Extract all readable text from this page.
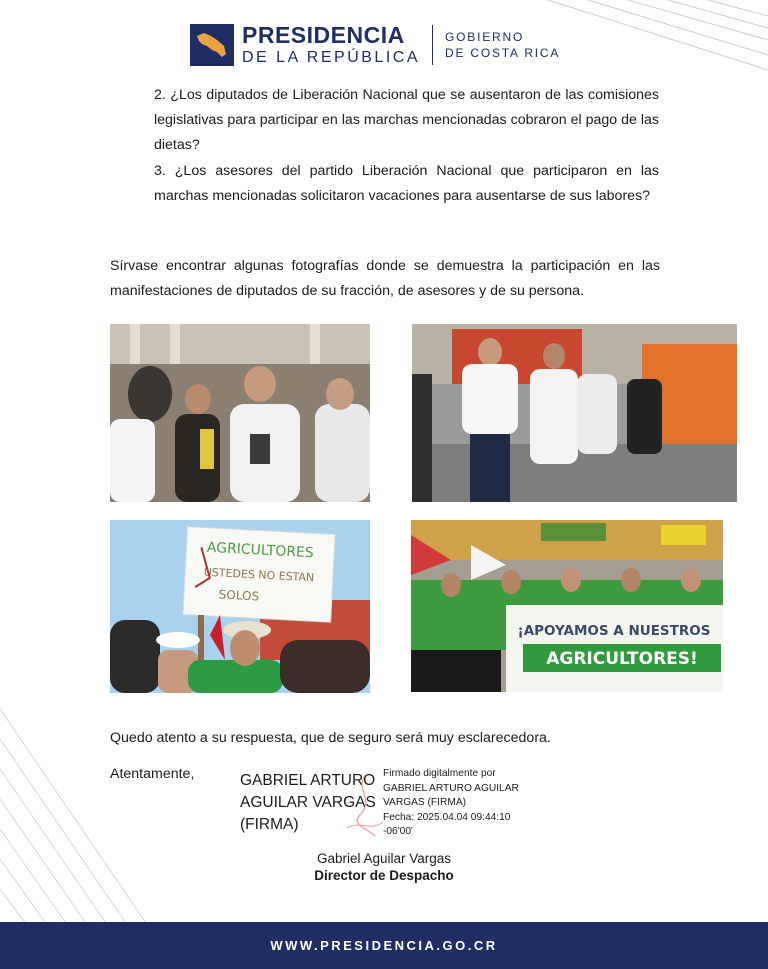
PRESIDENCIA
DE LA REPÚBLICA
GOBIERNO
DE COSTA RICA
2. ¿Los diputados de Liberación Nacional que se ausentaron de las comisiones legislativas para participar en las marchas mencionadas cobraron el pago de las dietas?
3. ¿Los asesores del partido Liberación Nacional que participaron en las marchas mencionadas solicitaron vacaciones para ausentarse de sus labores?
Sírvase encontrar algunas fotografías donde se demuestra la participación en las manifestaciones de diputados de su fracción, de asesores y de su persona.
AGRICULTORES
USTEDES NO ESTAN
SOLOS
¡APOYAMOS A NUESTROS
AGRICULTORES!
Quedo atento a su respuesta, que de seguro será muy esclarecedora.
Atentamente,	GABRIEL ARTURO
AGUILAR VARGAS
(FIRMA)
Firmado digitalmente por
GABRIEL ARTURO AGUILAR
VARGAS (FIRMA)
Fecha: 2025.04.04 09:44:10
-06'00'
Gabriel Aguilar Vargas
Director de Despacho
WWW.PRESIDENCIA.GO.CR
